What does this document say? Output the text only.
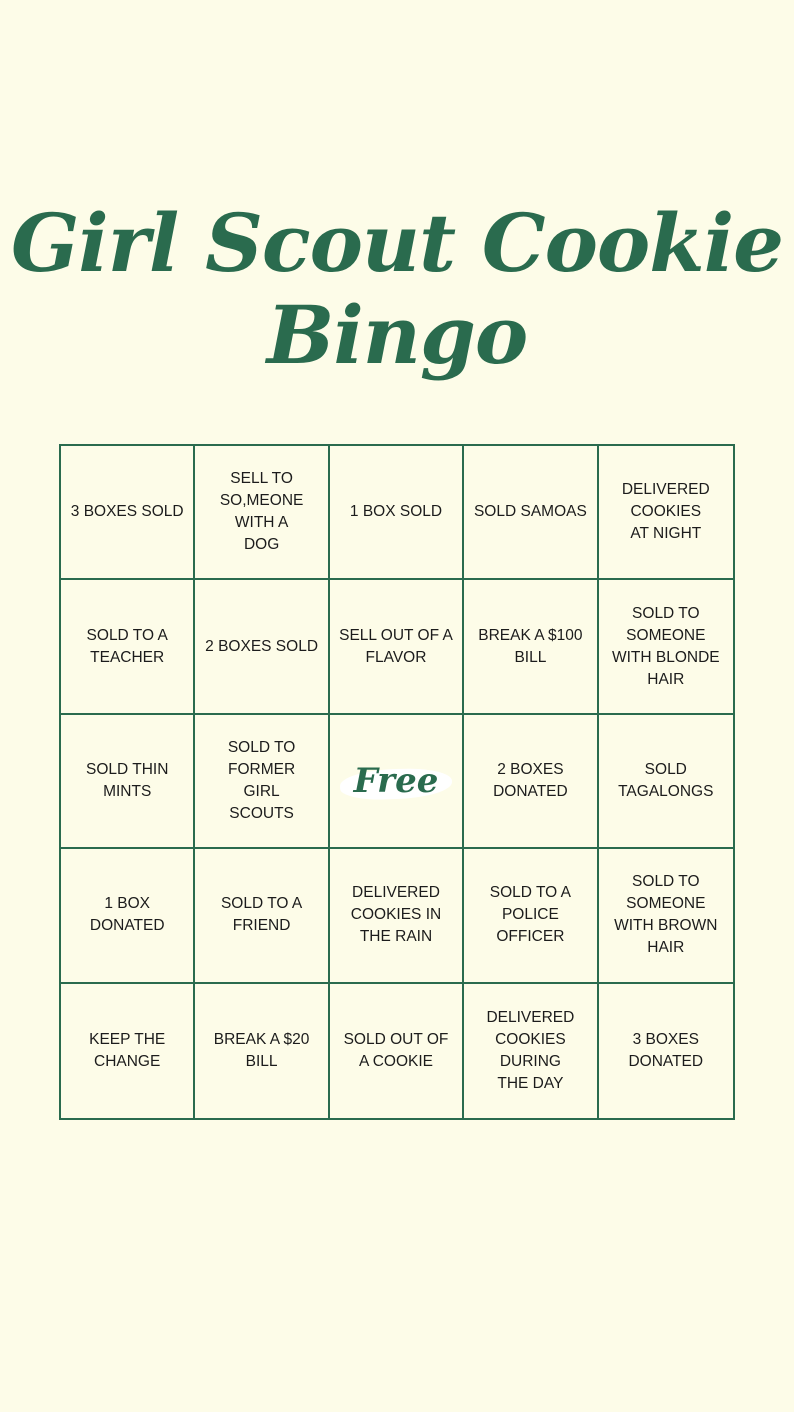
Girl Scout Cookie
Bingo
3 BOXES SOLD
SELL TO SO,MEONE WITH A DOG
1 BOX SOLD SOLD SAMOAS
DELIVERED COOKIES AT NIGHT
SOLD TO A TEACHER
2 BOXES SOLD
SELL OUT OF A FLAVOR
BREAK A $100 BILL
SOLD TO SOMEONE WITH BLONDE HAIR
SOLD THIN MINTS
SOLD TO FORMER GIRL SCOUTS
Free	2 BOXES DONATED
SOLD TAGALONGS
1 BOX DONATED
SOLD TO A FRIEND
DELIVERED COOKIES IN THE RAIN
SOLD TO A POLICE OFFICER
SOLD TO SOMEONE WITH BROWN HAIR
KEEP THE CHANGE
BREAK A $20 BILL
SOLD OUT OF A COOKIE
DELIVERED COOKIES DURING THE DAY
3 BOXES DONATED
